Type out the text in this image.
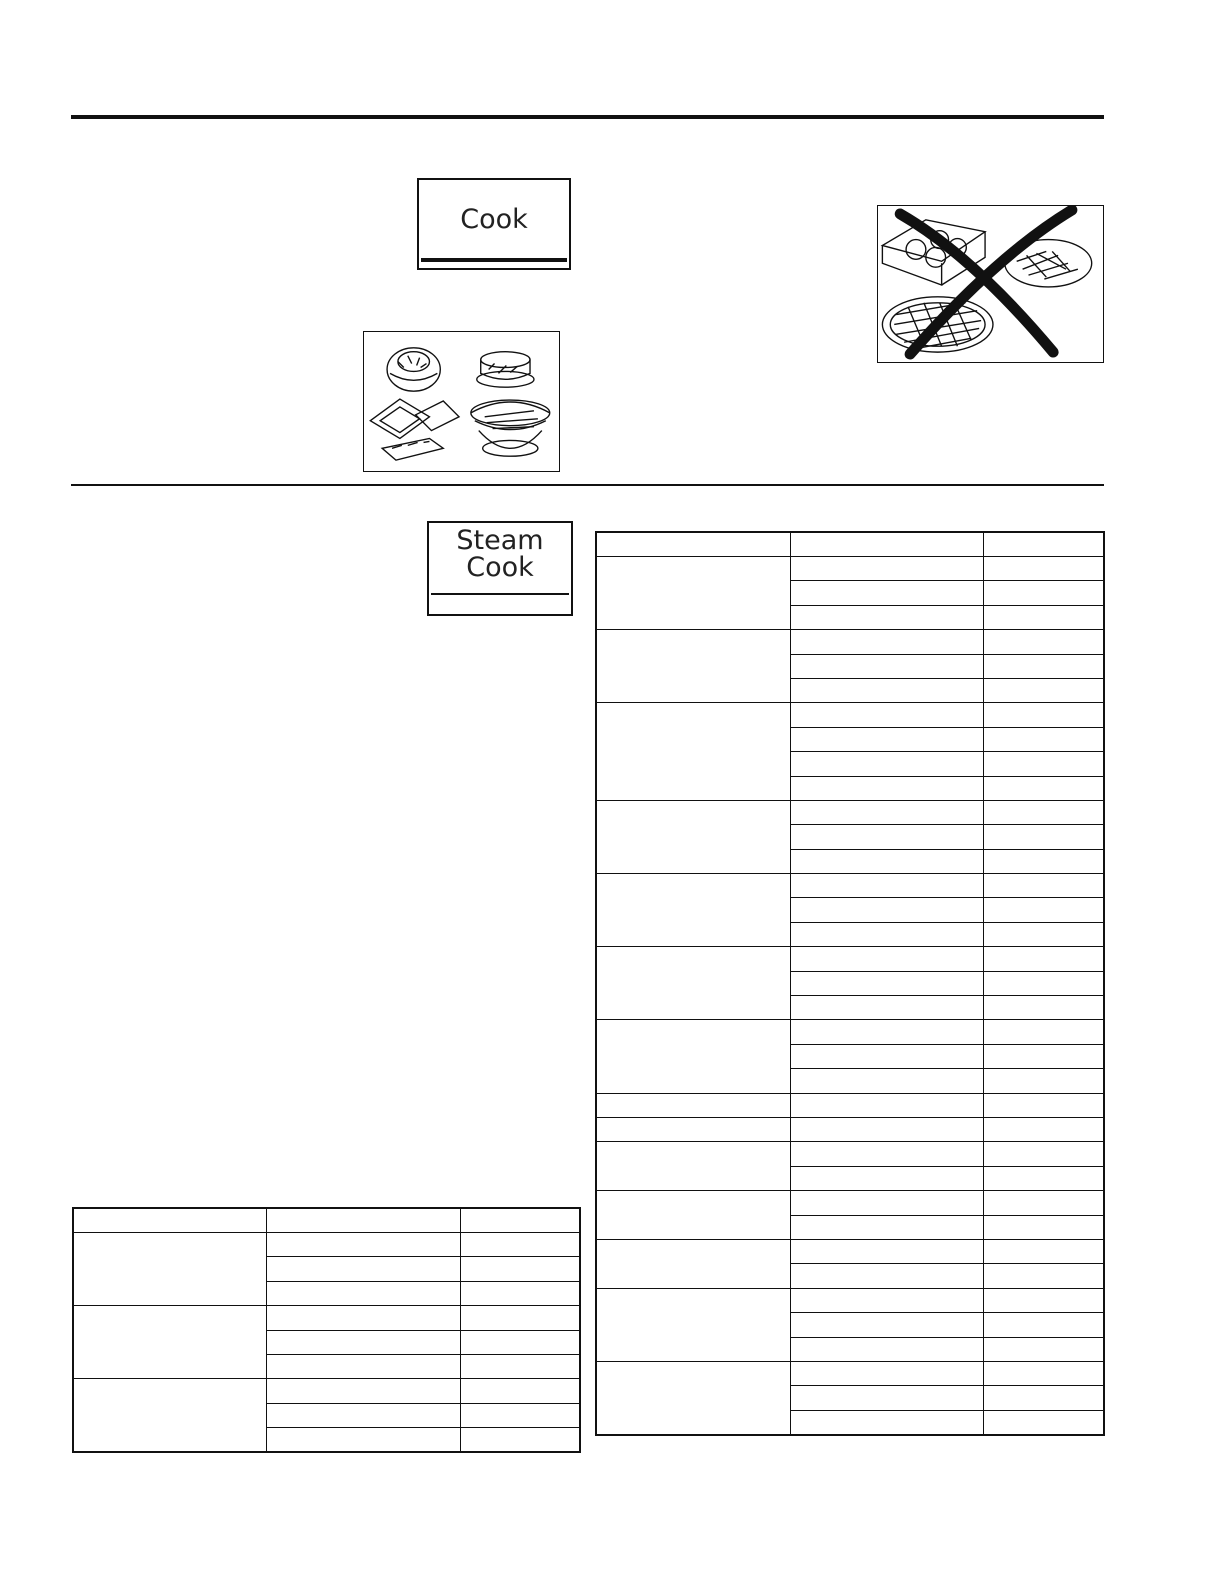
Cook
Steam
Cook
